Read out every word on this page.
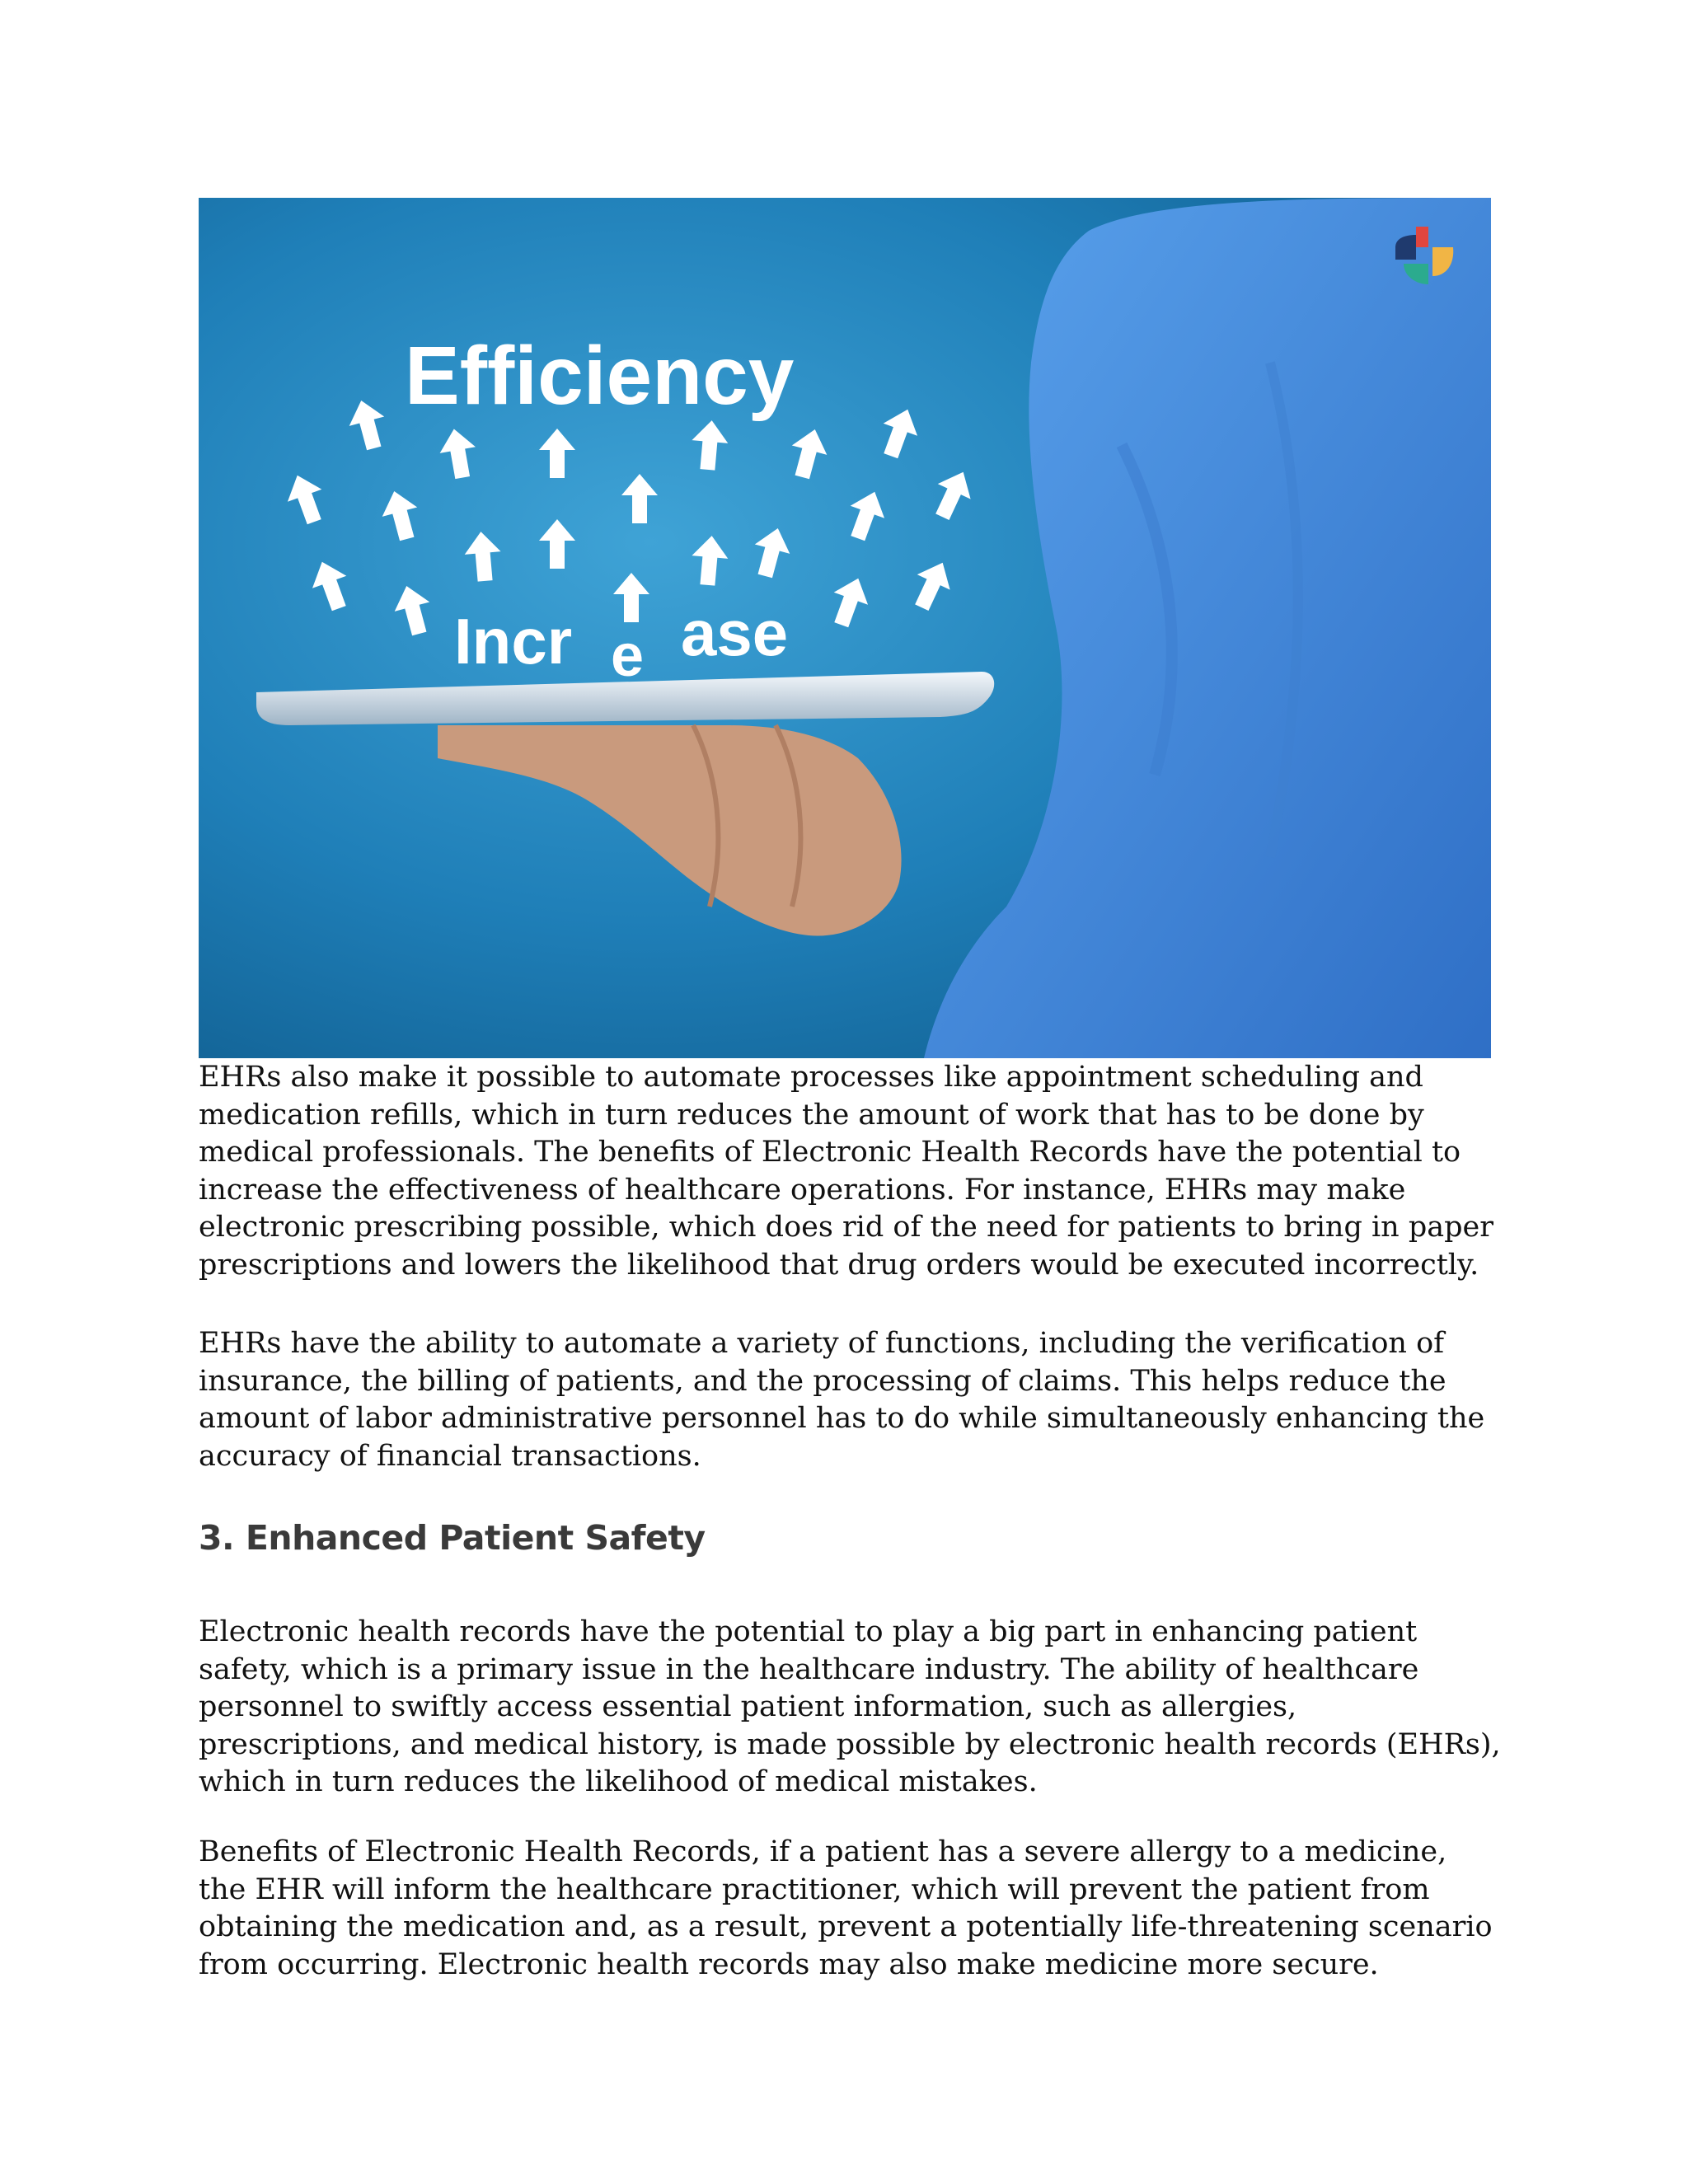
Efficiency
Incr e ase

EHRs also make it possible to automate processes like appointment scheduling and medication refills, which in turn reduces the amount of work that has to be done by medical professionals. The benefits of Electronic Health Records have the potential to increase the effectiveness of healthcare operations. For instance, EHRs may make electronic prescribing possible, which does rid of the need for patients to bring in paper prescriptions and lowers the likelihood that drug orders would be executed incorrectly.

EHRs have the ability to automate a variety of functions, including the verification of insurance, the billing of patients, and the processing of claims. This helps reduce the amount of labor administrative personnel has to do while simultaneously enhancing the accuracy of financial transactions.

3. Enhanced Patient Safety

Electronic health records have the potential to play a big part in enhancing patient safety, which is a primary issue in the healthcare industry. The ability of healthcare personnel to swiftly access essential patient information, such as allergies, prescriptions, and medical history, is made possible by electronic health records (EHRs), which in turn reduces the likelihood of medical mistakes.

Benefits of Electronic Health Records, if a patient has a severe allergy to a medicine, the EHR will inform the healthcare practitioner, which will prevent the patient from obtaining the medication and, as a result, prevent a potentially life-threatening scenario from occurring. Electronic health records may also make medicine more secure.
